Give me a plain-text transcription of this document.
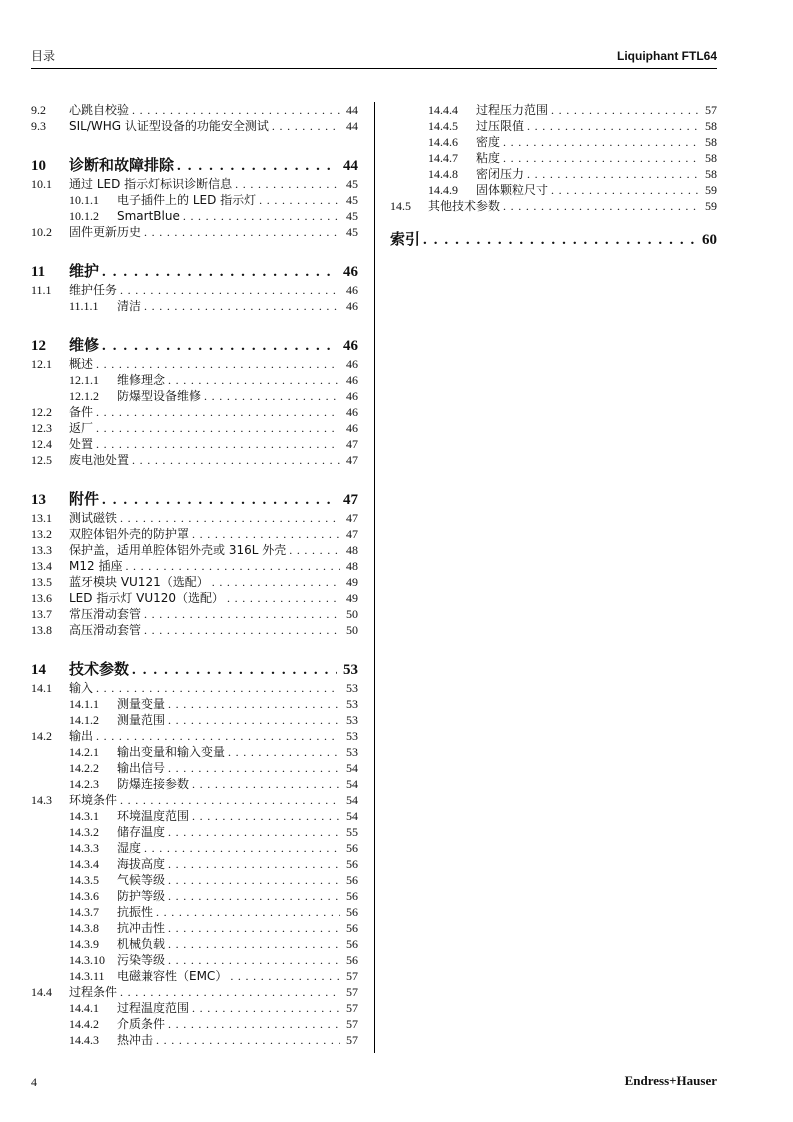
目录	Liquiphant FTL64
9.2	心跳自校验 . . .	44
9.3	SIL/WHG 认证型设备的功能安全测试 . . .	44
10	诊断和故障排除 . . .	44
10.1	通过 LED 指示灯标识诊断信息 . . .	45
10.1.1	电子插件上的 LED 指示灯 . . .	45
10.1.2	SmartBlue . . .	45
10.2	固件更新历史 . . .	45
11	维护 . . .	46
11.1	维护任务 . . .	46
11.1.1	清洁 . . .	46
12	维修 . . .	46
12.1	概述 . . .	46
12.1.1	维修理念 . . .	46
12.1.2	防爆型设备维修 . . .	46
12.2	备件 . . .	46
12.3	返厂 . . .	46
12.4	处置 . . .	47
12.5	废电池处置 . . .	47
13	附件 . . .	47
13.1	测试磁铁 . . .	47
13.2	双腔体铝外壳的防护罩 . . .	47
13.3	保护盖，适用单腔体铝外壳或 316L 外壳 . . .	48
13.4	M12 插座 . . .	48
13.5	蓝牙模块 VU121（选配） . . .	49
13.6	LED 指示灯 VU120（选配） . . .	49
13.7	常压滑动套管 . . .	50
13.8	高压滑动套管 . . .	50
14	技术参数 . . .	53
14.1	输入 . . .	53
14.1.1	测量变量 . . .	53
14.1.2	测量范围 . . .	53
14.2	输出 . . .	53
14.2.1	输出变量和输入变量 . . .	53
14.2.2	输出信号 . . .	54
14.2.3	防爆连接参数 . . .	54
14.3	环境条件 . . .	54
14.3.1	环境温度范围 . . .	54
14.3.2	储存温度 . . .	55
14.3.3	湿度 . . .	56
14.3.4	海拔高度 . . .	56
14.3.5	气候等级 . . .	56
14.3.6	防护等级 . . .	56
14.3.7	抗振性 . . .	56
14.3.8	抗冲击性 . . .	56
14.3.9	机械负载 . . .	56
14.3.10	污染等级 . . .	56
14.3.11	电磁兼容性（EMC） . . .	57
14.4	过程条件 . . .	57
14.4.1	过程温度范围 . . .	57
14.4.2	介质条件 . . .	57
14.4.3	热冲击 . . .	57
14.4.4	过程压力范围 . . .	57
14.4.5	过压限值 . . .	58
14.4.6	密度 . . .	58
14.4.7	粘度 . . .	58
14.4.8	密闭压力 . . .	58
14.4.9	固体颗粒尺寸 . . .	59
14.5	其他技术参数 . . .	59
索引 . . .	60
4	Endress+Hauser
